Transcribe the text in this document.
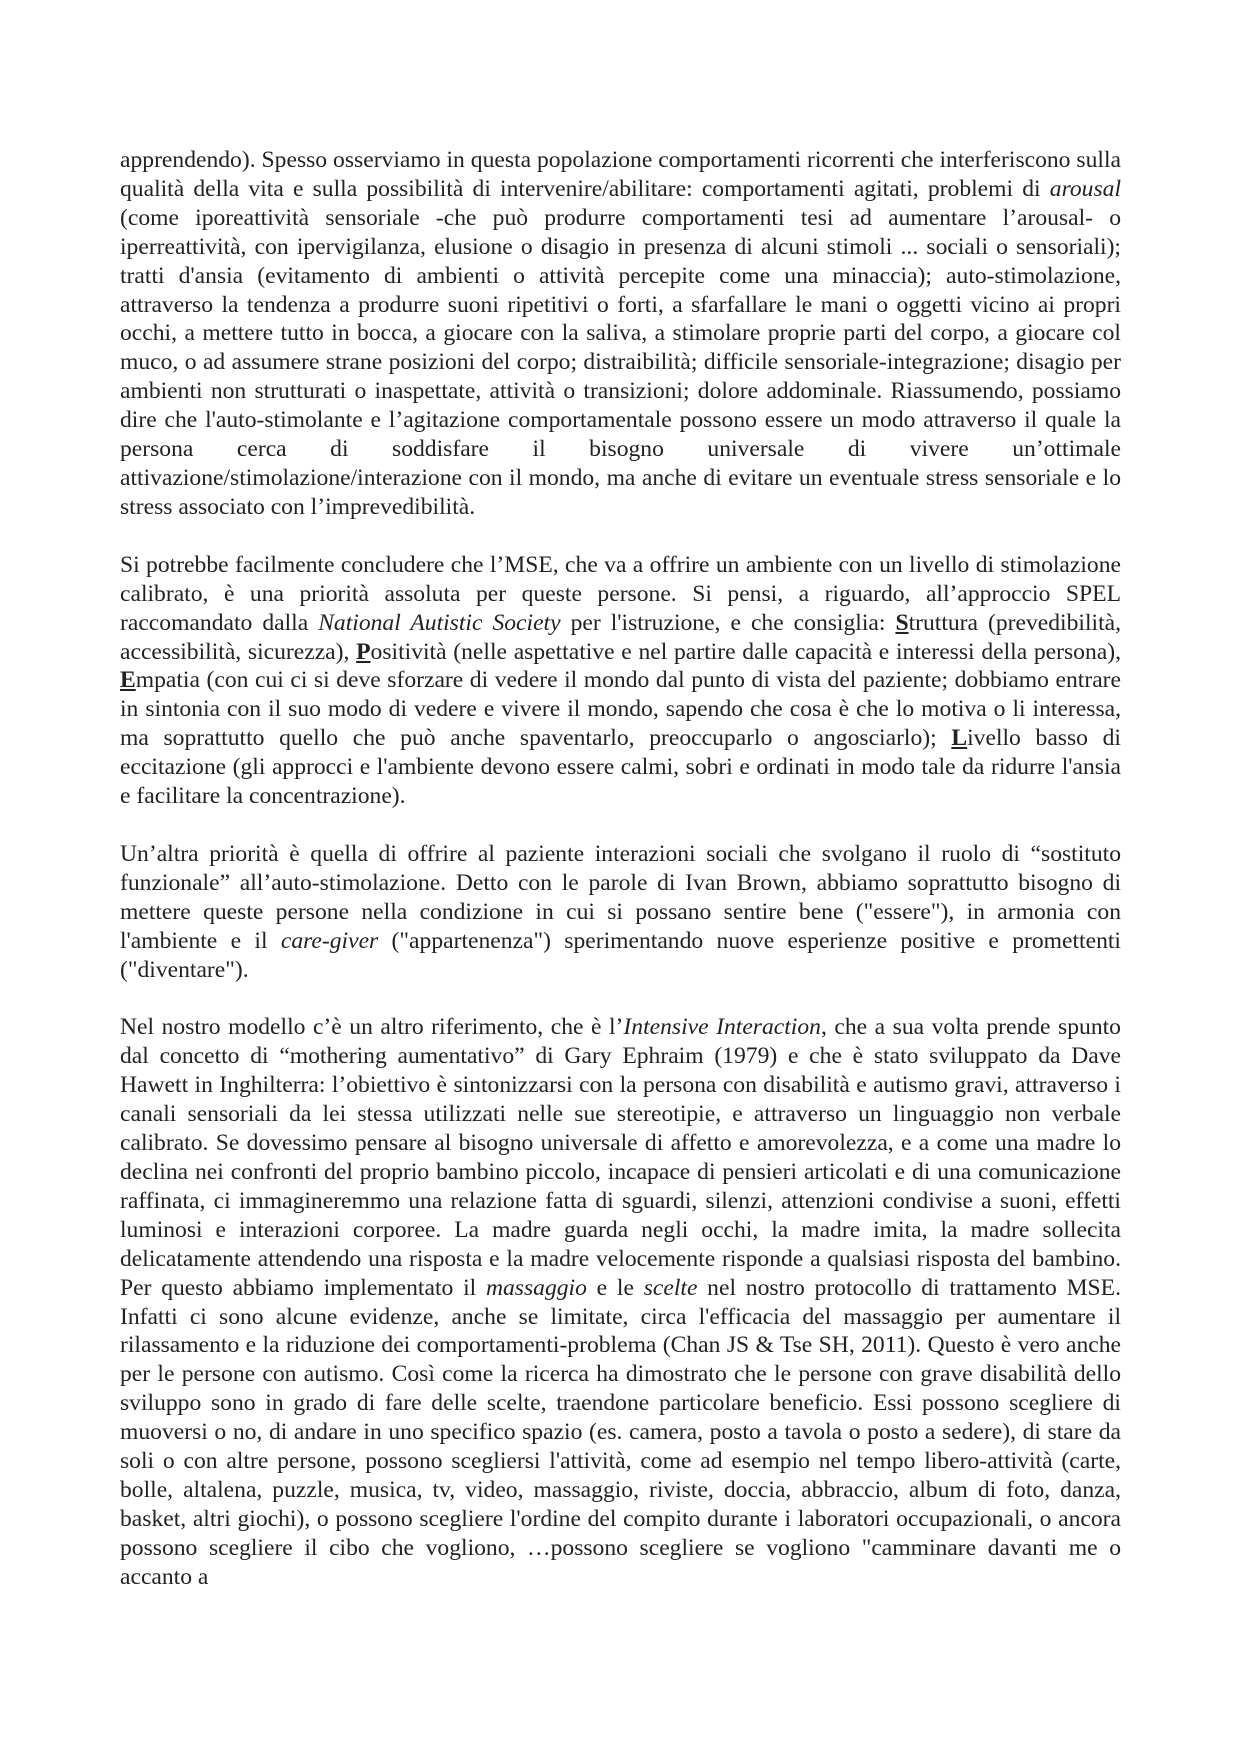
apprendendo). Spesso osserviamo in questa popolazione comportamenti ricorrenti che interferiscono sulla qualità della vita e sulla possibilità di intervenire/abilitare: comportamenti agitati, problemi di arousal (come iporeattività sensoriale -che può produrre comportamenti tesi ad aumentare l’arousal- o iperreattività, con ipervigilanza, elusione o disagio in presenza di alcuni stimoli ... sociali o sensoriali); tratti d'ansia (evitamento di ambienti o attività percepite come una minaccia); auto-stimolazione, attraverso la tendenza a produrre suoni ripetitivi o forti, a sfarfallare le mani o oggetti vicino ai propri occhi, a mettere tutto in bocca, a giocare con la saliva, a stimolare proprie parti del corpo, a giocare col muco, o ad assumere strane posizioni del corpo; distraibilità; difficile sensoriale-integrazione; disagio per ambienti non strutturati o inaspettate, attività o transizioni; dolore addominale. Riassumendo, possiamo dire che l'auto-stimolante e l’agitazione comportamentale possono essere un modo attraverso il quale la persona cerca di soddisfare il bisogno universale di vivere un’ottimale attivazione/stimolazione/interazione con il mondo, ma anche di evitare un eventuale stress sensoriale e lo stress associato con l’imprevedibilità.

Si potrebbe facilmente concludere che l’MSE, che va a offrire un ambiente con un livello di stimolazione calibrato, è una priorità assoluta per queste persone. Si pensi, a riguardo, all’approccio SPEL raccomandato dalla National Autistic Society per l'istruzione, e che consiglia: Struttura (prevedibilità, accessibilità, sicurezza), Positività (nelle aspettative e nel partire dalle capacità e interessi della persona), Empatia (con cui ci si deve sforzare di vedere il mondo dal punto di vista del paziente; dobbiamo entrare in sintonia con il suo modo di vedere e vivere il mondo, sapendo che cosa è che lo motiva o li interessa, ma soprattutto quello che può anche spaventarlo, preoccuparlo o angosciarlo); Livello basso di eccitazione (gli approcci e l'ambiente devono essere calmi, sobri e ordinati in modo tale da ridurre l'ansia e facilitare la concentrazione).

Un’altra priorità è quella di offrire al paziente interazioni sociali che svolgano il ruolo di “sostituto funzionale” all’auto-stimolazione. Detto con le parole di Ivan Brown, abbiamo soprattutto bisogno di mettere queste persone nella condizione in cui si possano sentire bene ("essere"), in armonia con l'ambiente e il care-giver ("appartenenza") sperimentando nuove esperienze positive e promettenti ("diventare").

Nel nostro modello c’è un altro riferimento, che è l’Intensive Interaction, che a sua volta prende spunto dal concetto di “mothering aumentativo” di Gary Ephraim (1979) e che è stato sviluppato da Dave Hawett in Inghilterra: l’obiettivo è sintonizzarsi con la persona con disabilità e autismo gravi, attraverso i canali sensoriali da lei stessa utilizzati nelle sue stereotipie, e attraverso un linguaggio non verbale calibrato. Se dovessimo pensare al bisogno universale di affetto e amorevolezza, e a come una madre lo declina nei confronti del proprio bambino piccolo, incapace di pensieri articolati e di una comunicazione raffinata, ci immagineremmo una relazione fatta di sguardi, silenzi, attenzioni condivise a suoni, effetti luminosi e interazioni corporee. La madre guarda negli occhi, la madre imita, la madre sollecita delicatamente attendendo una risposta e la madre velocemente risponde a qualsiasi risposta del bambino. Per questo abbiamo implementato il massaggio e le scelte nel nostro protocollo di trattamento MSE. Infatti ci sono alcune evidenze, anche se limitate, circa l'efficacia del massaggio per aumentare il rilassamento e la riduzione dei comportamenti-problema (Chan JS & Tse SH, 2011). Questo è vero anche per le persone con autismo. Così come la ricerca ha dimostrato che le persone con grave disabilità dello sviluppo sono in grado di fare delle scelte, traendone particolare beneficio. Essi possono scegliere di muoversi o no, di andare in uno specifico spazio (es. camera, posto a tavola o posto a sedere), di stare da soli o con altre persone, possono scegliersi l'attività, come ad esempio nel tempo libero-attività (carte, bolle, altalena, puzzle, musica, tv, video, massaggio, riviste, doccia, abbraccio, album di foto, danza, basket, altri giochi), o possono scegliere l'ordine del compito durante i laboratori occupazionali, o ancora possono scegliere il cibo che vogliono, …possono scegliere se vogliono "camminare davanti me o accanto a
